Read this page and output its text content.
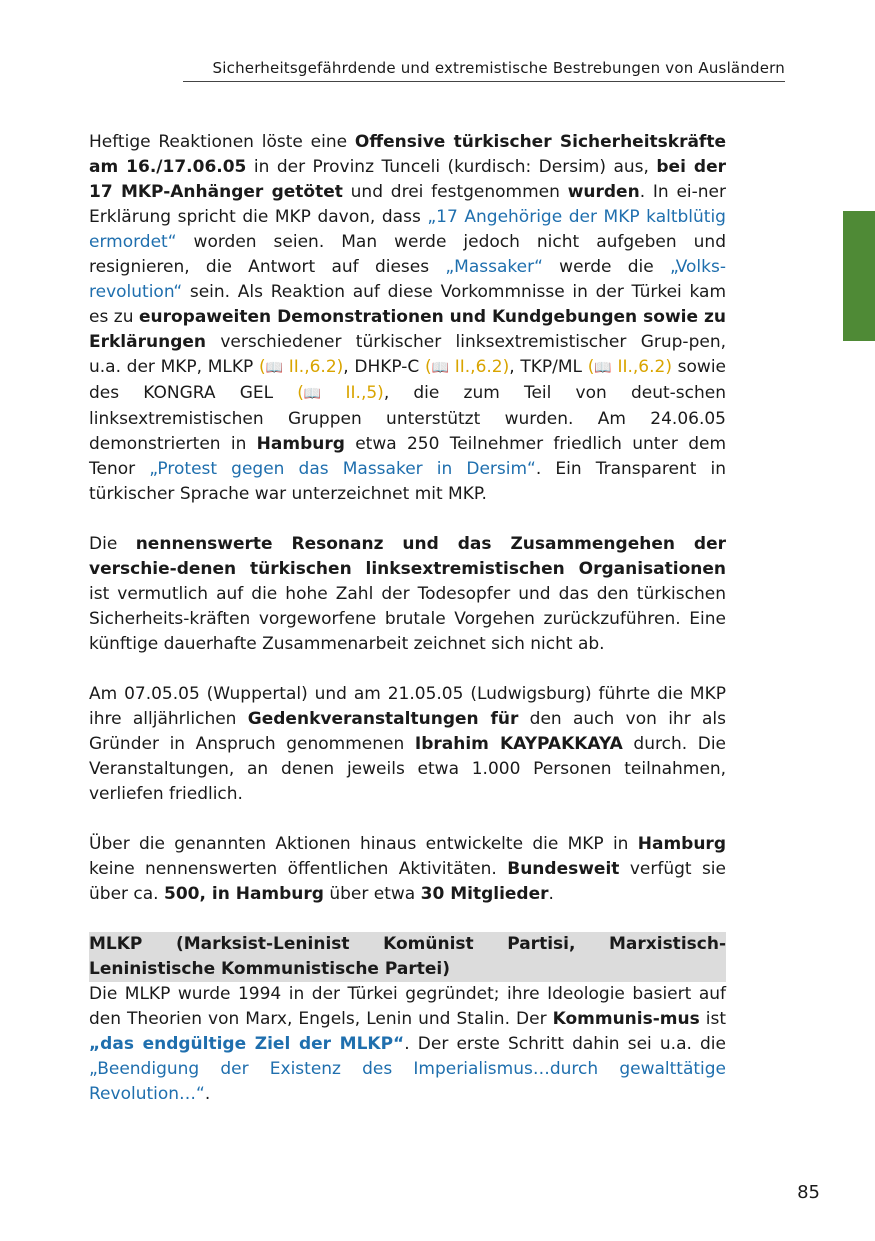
Sicherheitsgefährdende und extremistische Bestrebungen von Ausländern

Heftige Reaktionen löste eine Offensive türkischer Sicherheitskräfte am 16./17.06.05 in der Provinz Tunceli (kurdisch: Dersim) aus, bei der 17 MKP-Anhänger getötet und drei festgenommen wurden. In ei-ner Erklärung spricht die MKP davon, dass „17 Angehörige der MKP kaltblütig ermordet“ worden seien. Man werde jedoch nicht aufgeben und resignieren, die Antwort auf dieses „Massaker“ werde die „Volks-revolution“ sein. Als Reaktion auf diese Vorkommnisse in der Türkei kam es zu europaweiten Demonstrationen und Kundgebungen sowie zu Erklärungen verschiedener türkischer linksextremistischer Grup-pen, u.a. der MKP, MLKP (📖 II.,6.2), DHKP-C (📖 II.,6.2), TKP/ML (📖 II.,6.2) sowie des KONGRA GEL (📖 II.,5), die zum Teil von deut-schen linksextremistischen Gruppen unterstützt wurden. Am 24.06.05 demonstrierten in Hamburg etwa 250 Teilnehmer friedlich unter dem Tenor „Protest gegen das Massaker in Dersim“. Ein Transparent in türkischer Sprache war unterzeichnet mit MKP.

Die nennenswerte Resonanz und das Zusammengehen der verschie-denen türkischen linksextremistischen Organisationen ist vermutlich auf die hohe Zahl der Todesopfer und das den türkischen Sicherheits-kräften vorgeworfene brutale Vorgehen zurückzuführen. Eine künftige dauerhafte Zusammenarbeit zeichnet sich nicht ab.

Am 07.05.05 (Wuppertal) und am 21.05.05 (Ludwigsburg) führte die MKP ihre alljährlichen Gedenkveranstaltungen für den auch von ihr als Gründer in Anspruch genommenen Ibrahim KAYPAKKAYA durch. Die Veranstaltungen, an denen jeweils etwa 1.000 Personen teilnahmen, verliefen friedlich.

Über die genannten Aktionen hinaus entwickelte die MKP in Hamburg keine nennenswerten öffentlichen Aktivitäten. Bundesweit verfügt sie über ca. 500, in Hamburg über etwa 30 Mitglieder.

MLKP (Marksist-Leninist Komünist Partisi, Marxistisch-Leninistische Kommunistische Partei)

Die MLKP wurde 1994 in der Türkei gegründet; ihre Ideologie basiert auf den Theorien von Marx, Engels, Lenin und Stalin. Der Kommunis-mus ist „das endgültige Ziel der MLKP“. Der erste Schritt dahin sei u.a. die „Beendigung der Existenz des Imperialismus…durch gewalttätige Revolution…“.

85
